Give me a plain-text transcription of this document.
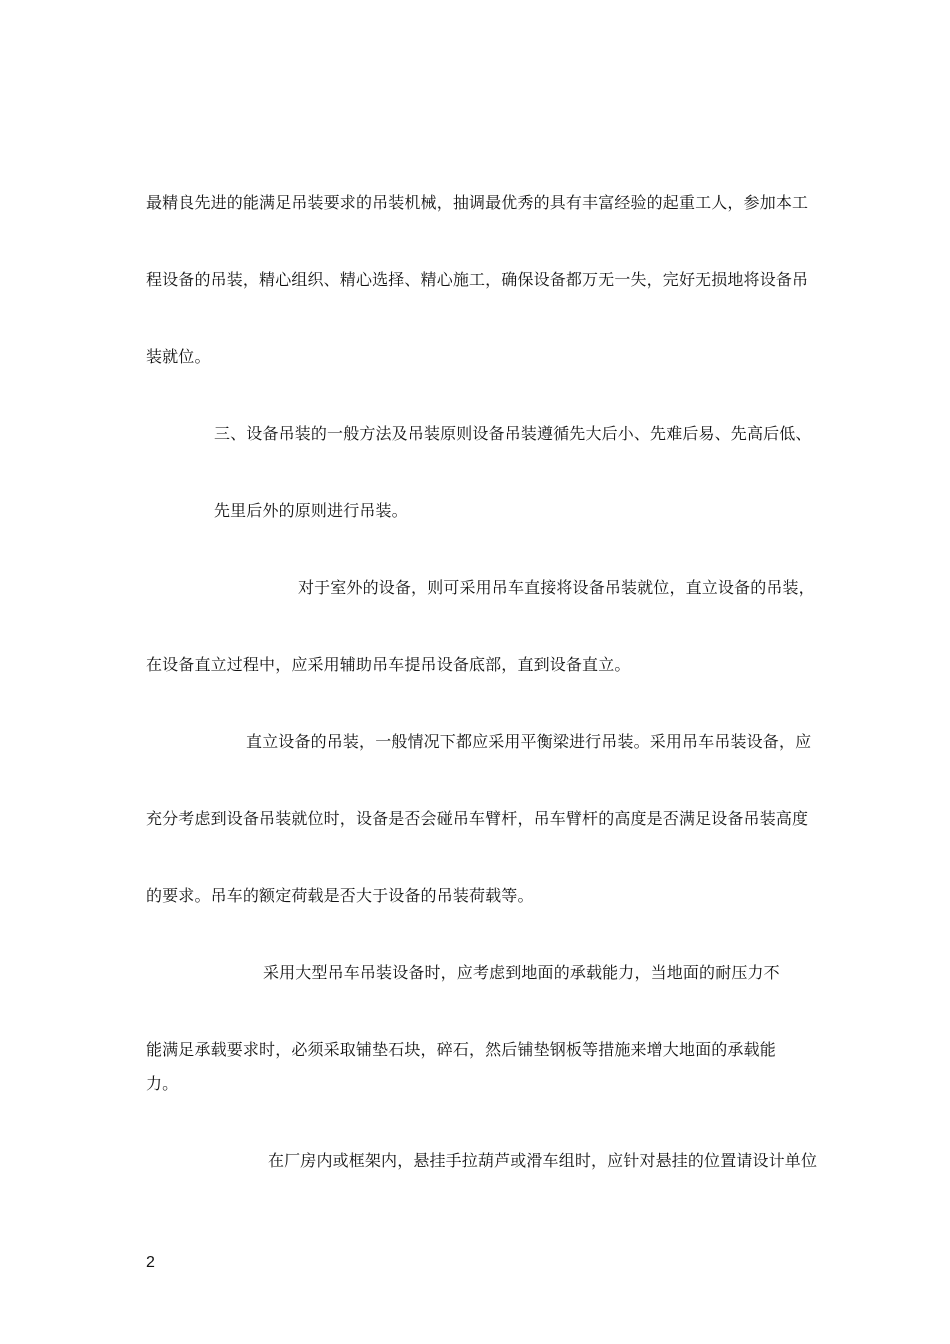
最精良先进的能满足吊装要求的吊装机械，抽调最优秀的具有丰富经验的起重工人，参加本工
程设备的吊装，精心组织、精心选择、精心施工，确保设备都万无一失，完好无损地将设备吊
装就位。
三、设备吊装的一般方法及吊装原则设备吊装遵循先大后小、先难后易、先高后低、
先里后外的原则进行吊装。
对于室外的设备，则可采用吊车直接将设备吊装就位，直立设备的吊装，
在设备直立过程中，应采用辅助吊车提吊设备底部，直到设备直立。
直立设备的吊装，一般情况下都应采用平衡梁进行吊装。采用吊车吊装设备，应
充分考虑到设备吊装就位时，设备是否会碰吊车臂杆，吊车臂杆的高度是否满足设备吊装高度
的要求。吊车的额定荷载是否大于设备的吊装荷载等。
采用大型吊车吊装设备时，应考虑到地面的承载能力，当地面的耐压力不
能满足承载要求时，必须采取铺垫石块，碎石，然后铺垫钢板等措施来增大地面的承载能
力。
在厂房内或框架内，悬挂手拉葫芦或滑车组时，应针对悬挂的位置请设计单位
2
